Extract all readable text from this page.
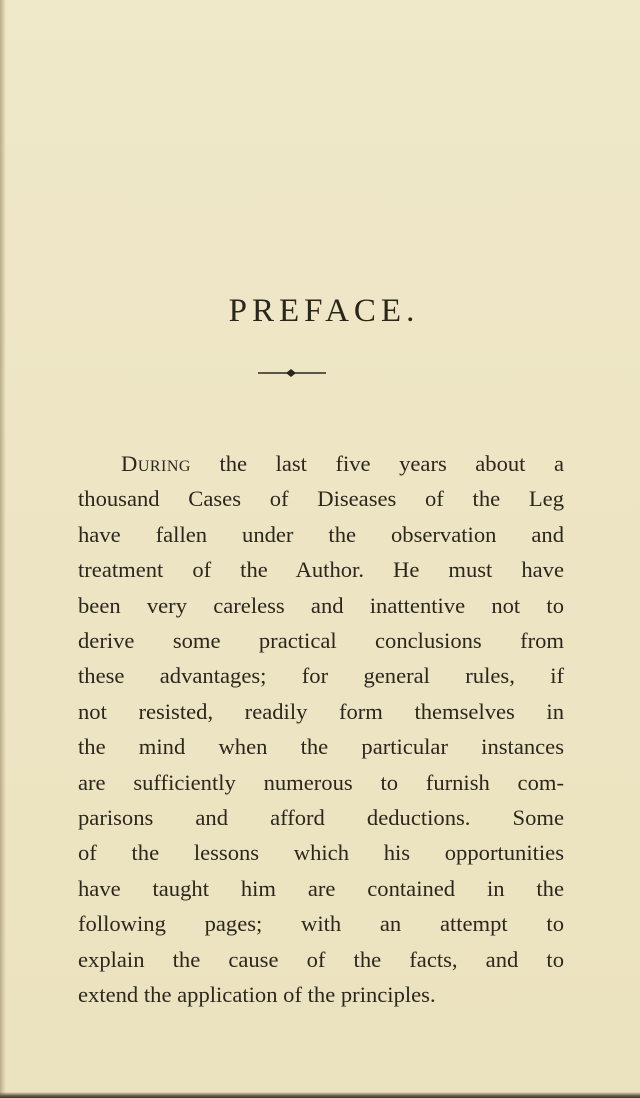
PREFACE.
During the last five years about a
thousand Cases of Diseases of the Leg
have fallen under the observation and
treatment of the Author. He must have
been very careless and inattentive not to
derive some practical conclusions from
these advantages; for general rules, if
not resisted, readily form themselves in
the mind when the particular instances
are sufficiently numerous to furnish com-
parisons and afford deductions. Some
of the lessons which his opportunities
have taught him are contained in the
following pages; with an attempt to
explain the cause of the facts, and to
extend the application of the principles.
